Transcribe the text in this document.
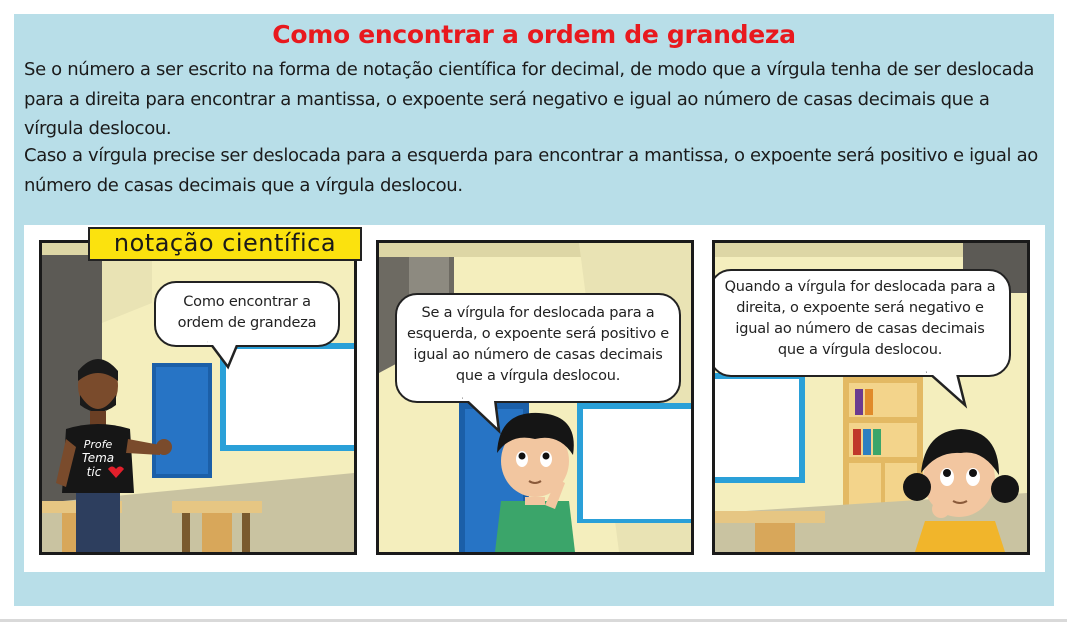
Como encontrar a ordem de grandeza
Se o número a ser escrito na forma de notação científica for decimal, de modo que a vírgula tenha de ser deslocada para a direita para encontrar a mantissa, o expoente será negativo e igual ao número de casas decimais que a vírgula deslocou.
Caso a vírgula precise ser deslocada para a esquerda para encontrar a mantissa, o expoente será positivo e igual ao número de casas decimais que a vírgula deslocou.
Profe
Tema
tic
Como encontrar a
ordem de grandeza
Se a vírgula for deslocada para a
esquerda, o expoente será positivo e
igual ao número de casas decimais
que a vírgula deslocou.
Quando a vírgula for deslocada para a
direita, o expoente será negativo e
igual ao número de casas decimais
que a vírgula deslocou.
notação científica
